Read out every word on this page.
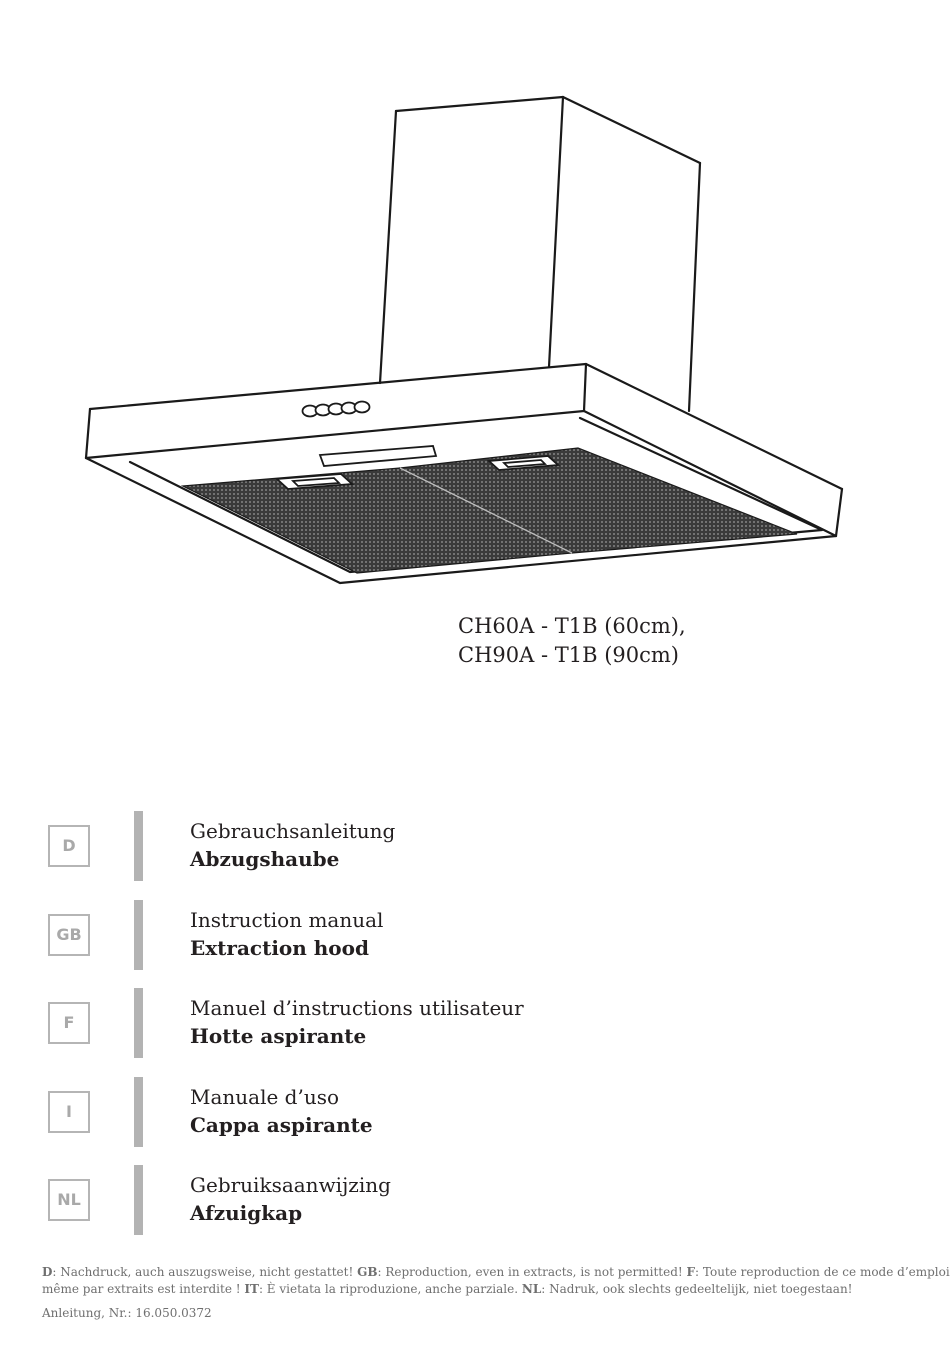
CH60A - T1B (60cm),
CH90A - T1B (90cm)
D
Gebrauchsanleitung
Abzugshaube
GB
Instruction manual
Extraction hood
F
Manuel d’instructions utilisateur
Hotte aspirante
I
Manuale d’uso
Cappa aspirante
NL
Gebruiksaanwijzing
Afzuigkap
D: Nachdruck, auch auszugsweise, nicht gestattet! GB: Reproduction, even in extracts, is not permitted! F: Toute reproduction de ce mode d’emploi
même par extraits est interdite ! IT: È vietata la riproduzione, anche parziale. NL: Nadruk, ook slechts gedeeltelijk, niet toegestaan!
Anleitung, Nr.: 16.050.0372
